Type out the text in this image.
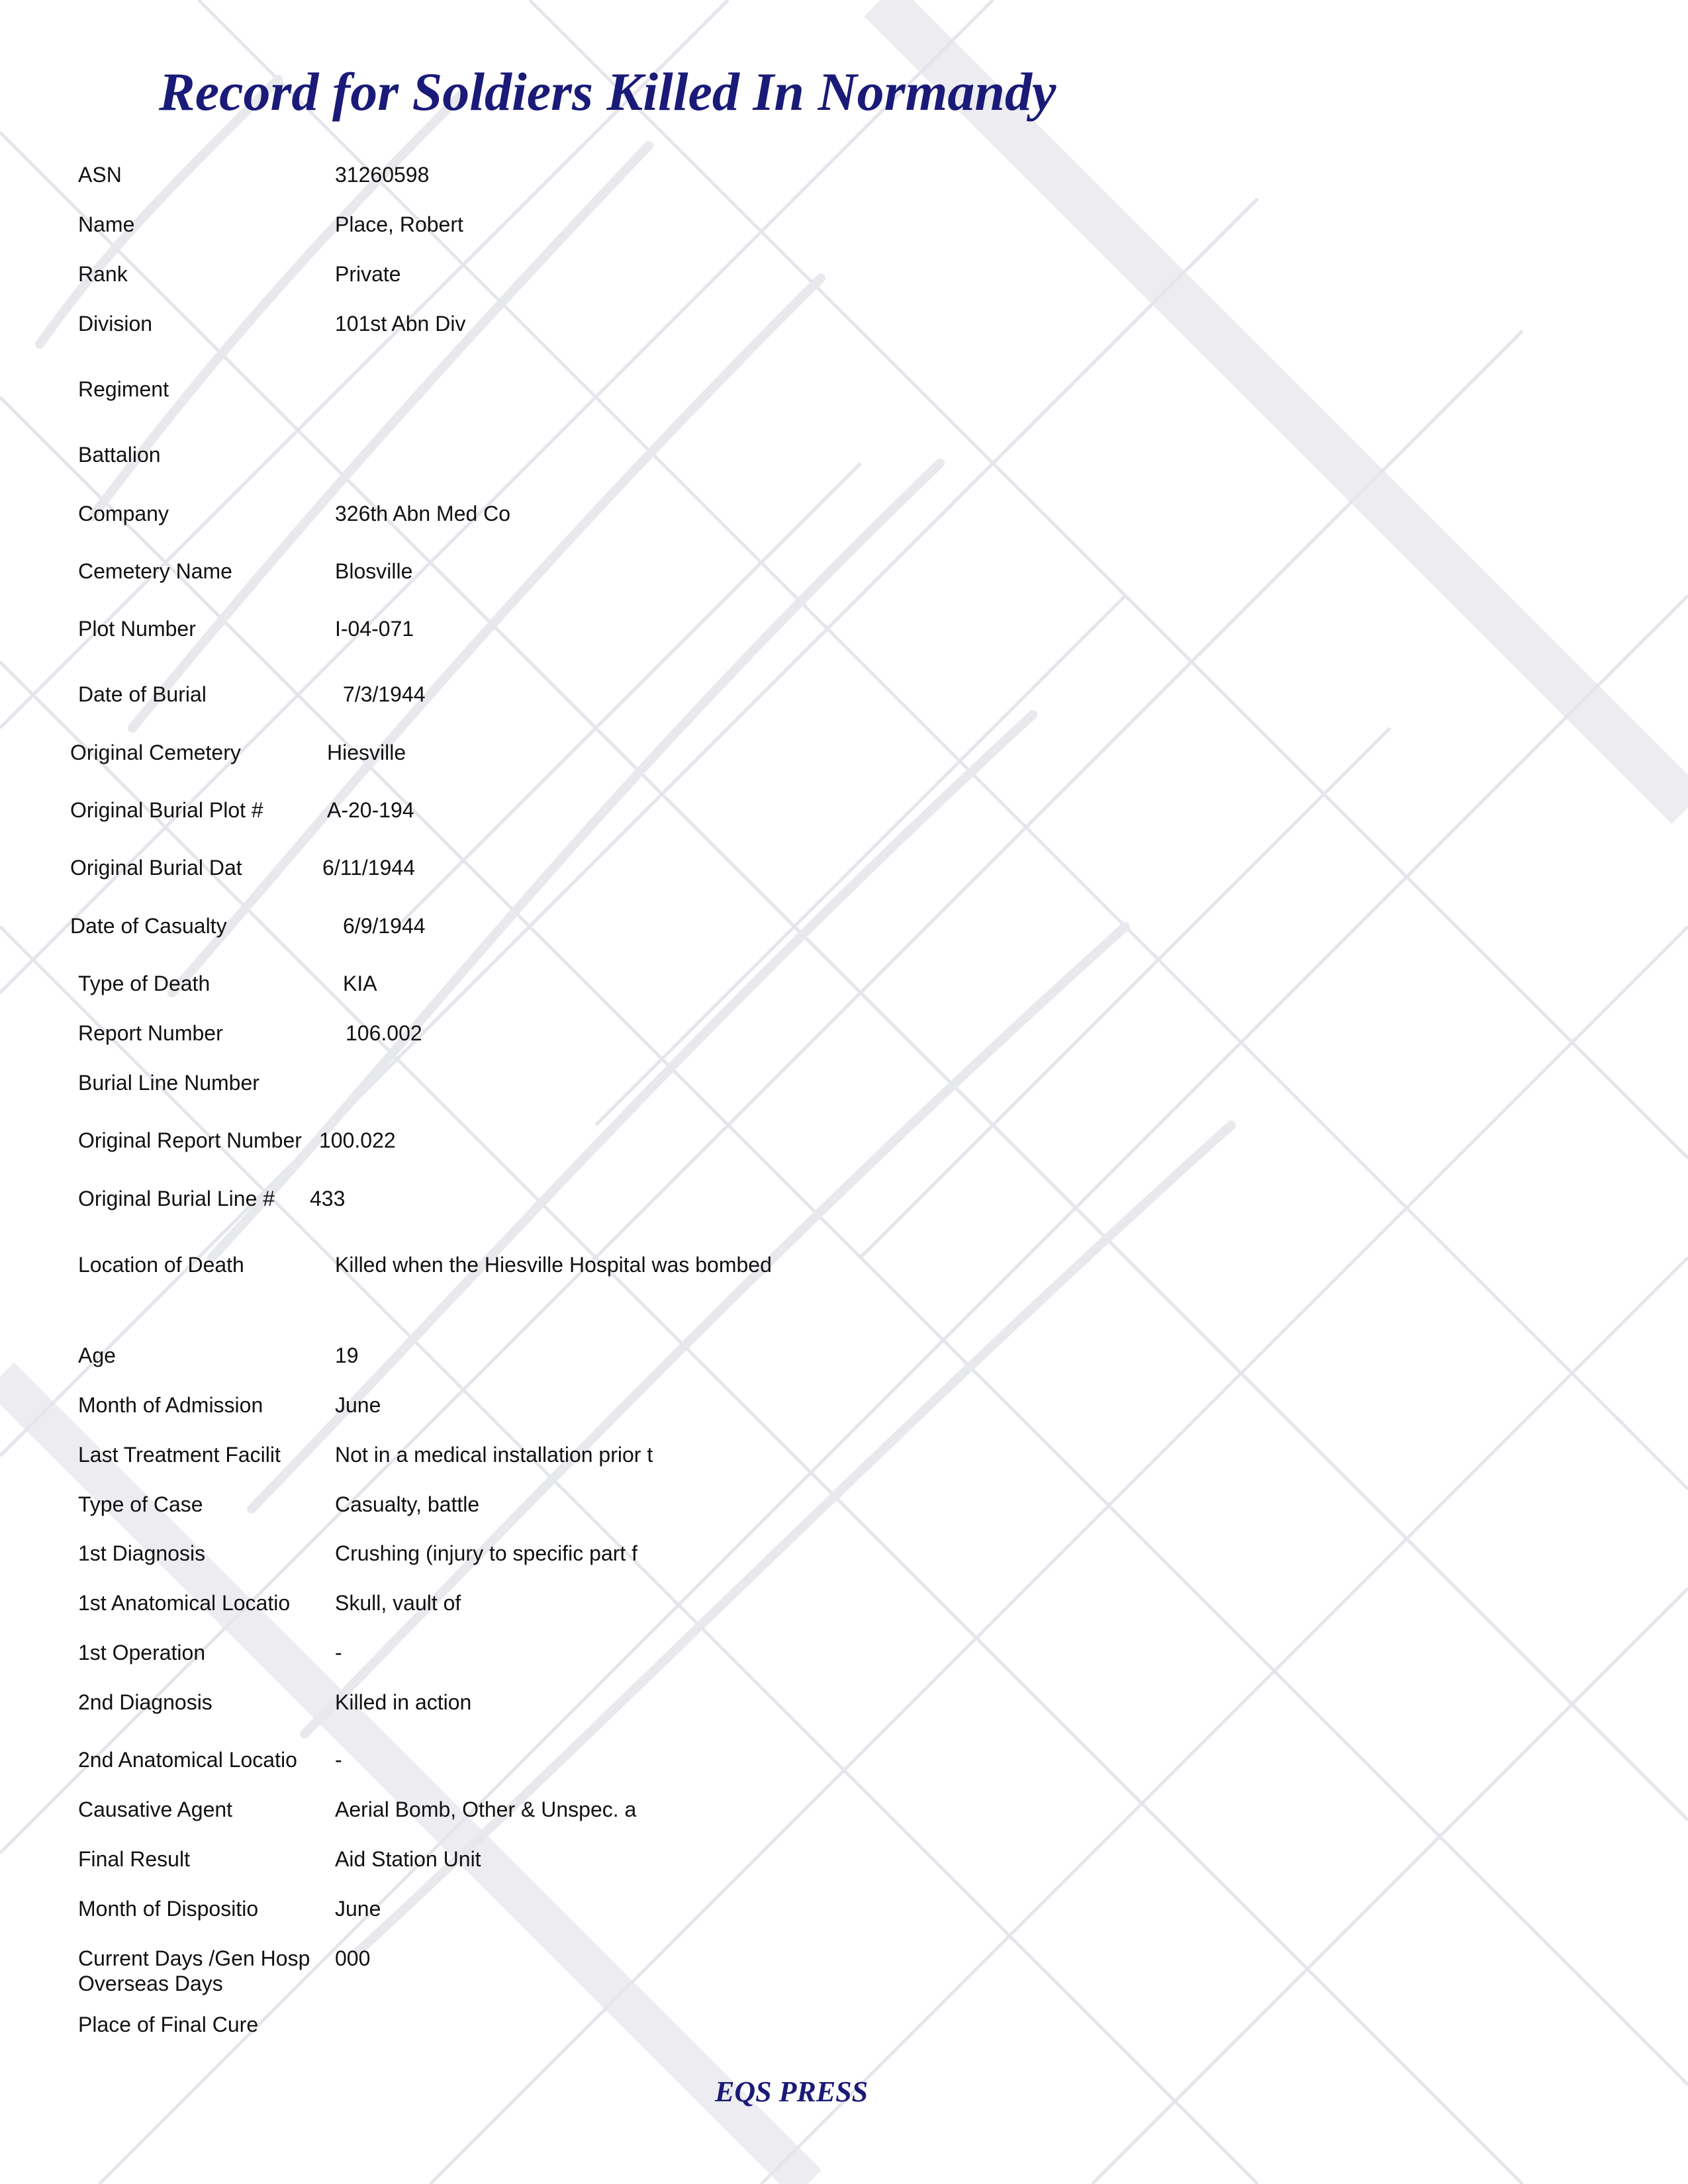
Record for Soldiers Killed In Normandy
ASN	31260598
Name	Place, Robert
Rank	Private
Division	101st Abn Div
Regiment
Battalion
Company	326th Abn Med Co
Cemetery Name	Blosville
Plot Number	I-04-071
Date of Burial	7/3/1944
Original Cemetery	Hiesville
Original Burial Plot #	A-20-194
Original Burial Dat	6/11/1944
Date of Casualty	6/9/1944
Type of Death	KIA
Report Number	106.002
Burial Line Number
Original Report Number 100.022
Original Burial Line # 433
Location of Death	Killed when the Hiesville Hospital was bombed
Age	19
Month of Admission	June
Last Treatment Facilit	Not in a medical installation prior t
Type of Case	Casualty, battle
1st Diagnosis	Crushing (injury to specific part f
1st Anatomical Locatio Skull, vault of
1st Operation	-
2nd Diagnosis	Killed in action
2nd Anatomical Locatio -
Causative Agent	Aerial Bomb, Other & Unspec. a
Final Result	Aid Station Unit
Month of Dispositio	June
Current Days /Gen Hosp 000
Overseas Days
Place of Final Cure
EQS PRESS
